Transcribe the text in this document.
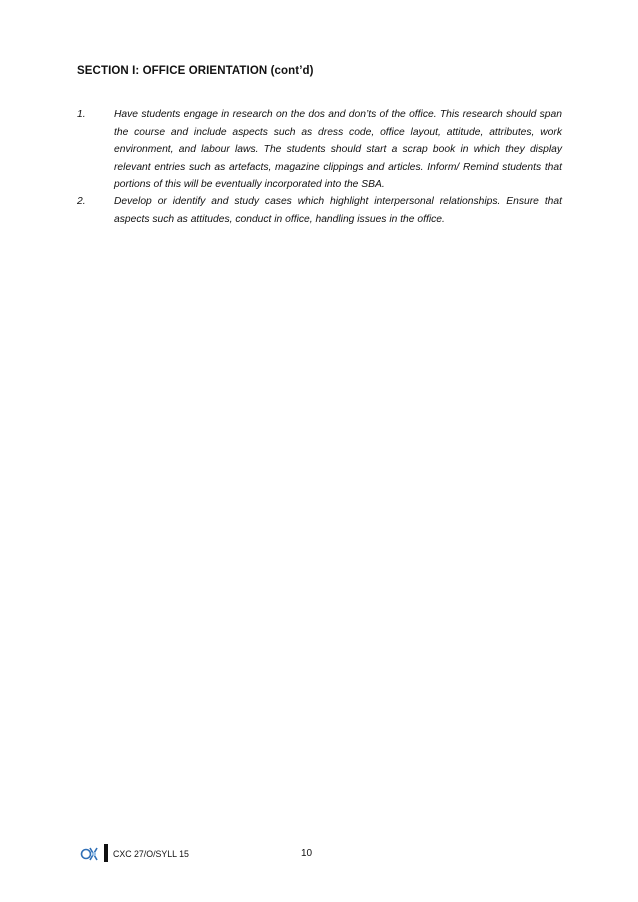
SECTION I: OFFICE ORIENTATION (cont’d)
1.	Have students engage in research on the dos and don’ts of the office. This research should span the course and include aspects such as dress code, office layout, attitude, attributes, work environment, and labour laws. The students should start a scrap book in which they display relevant entries such as artefacts, magazine clippings and articles. Inform/ Remind students that portions of this will be eventually incorporated into the SBA.
2.	Develop or identify and study cases which highlight interpersonal relationships. Ensure that aspects such as attitudes, conduct in office, handling issues in the office.
CXC 27/O/SYLL 15	10
